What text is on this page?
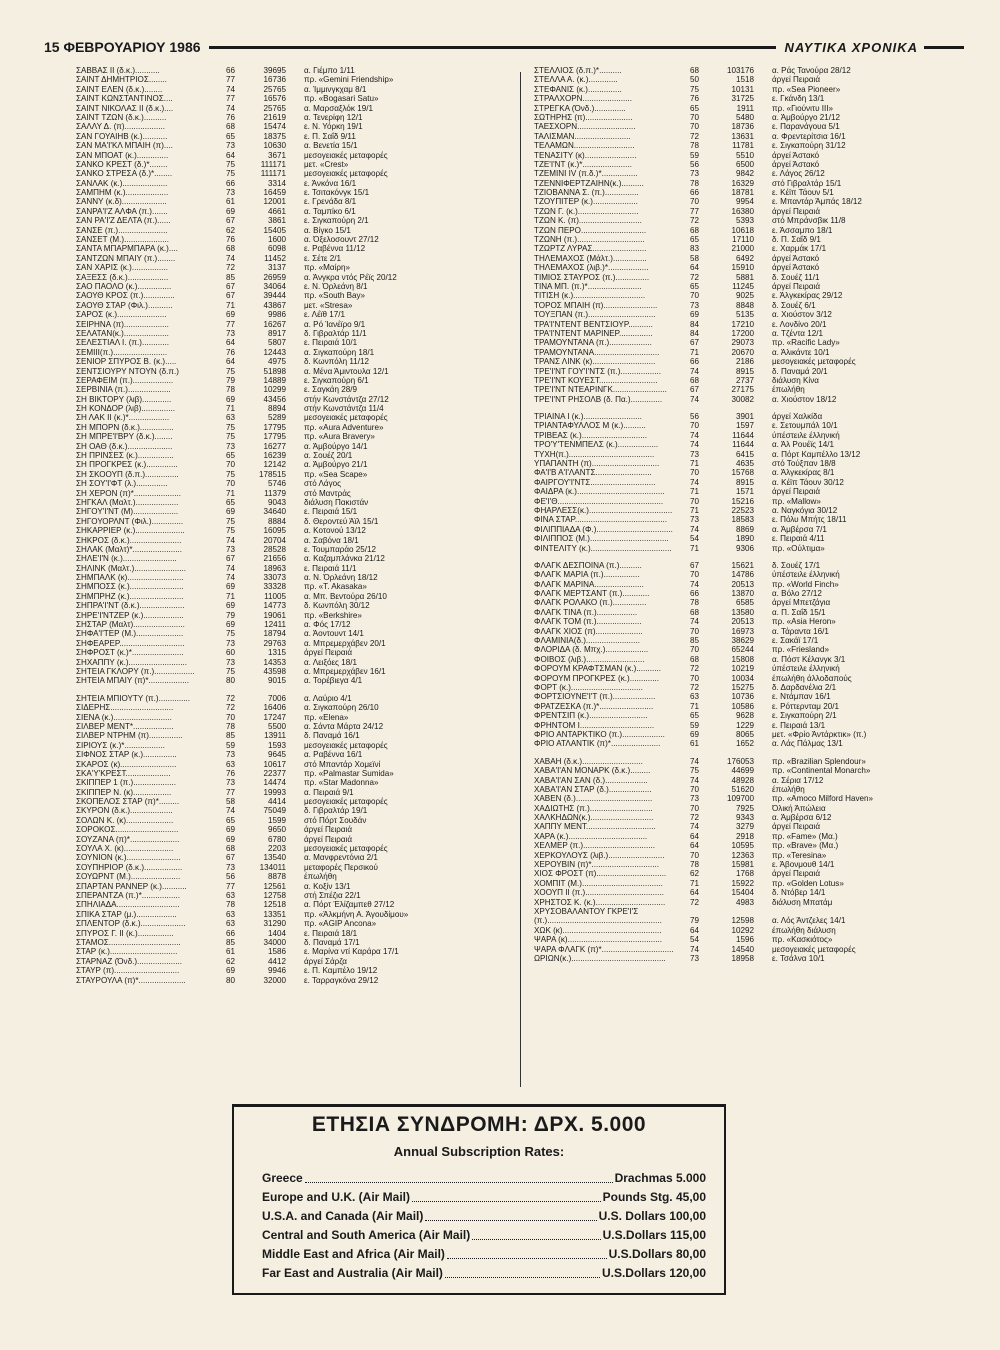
15 ΦΕΒΡΟΥΑΡΙΟΥ 1986	ΝΑΥΤΙΚΑ ΧΡΟΝΙΚΑ
ΣΑΒΒΑΣ ΙΙ (δ.κ.)...........	66	39695 α. Γιέμπο 1/11
ΣΑΙΝΤ ΔΗΜΗΤΡΙΟΣ........	77	16736 πρ. «Gemini Friendship»
ΣΑΙΝΤ ΕΛΕΝ (δ.κ.)........	74	25765 α. Ίμμινγκχαμ 8/1
ΣΑΙΝΤ ΚΩΝΣΤΑΝΤΙΝΟΣ....	77	16576 πρ. «Bogasari Satu»
ΣΑΙΝΤ ΝΙΚΟΛΑΣ ΙΙ (δ.κ.)....	74	25765 α. Μαρσαξλόκ 19/1
ΣΑΙΝΤ ΤΖΩΝ (δ.κ.)..........	76	21619 α. Τενερίφη 12/1
ΣΑΛΛΥ Δ. (π)..................	68	15474 ε. Ν. Υόρκη 19/1
ΣΑΝ ΓΟΥΑΙΗΒ (κ.)...........	65	18375 ε. Π. Σαΐδ 9/11
ΣΑΝ ΜΑ'Ι'ΚΛ ΜΠΑΙΗ (π)....	73	10630 α. Βενετία 15/1
ΣΑΝ ΜΠΟΑΤ (κ.)..............	64	3671 μεσογειακές μεταφορές
ΣΑΝΚΟ ΚΡΕΣΤ (δ.)*........	75	111171 μετ. «Crest»
ΣΑΝΚΟ ΣΤΡΕΣΑ (δ.)*........	75	111171 μεσογειακές μεταφορές
ΣΑΝΛΑΚ (κ.)....................	66	3314 ε. Άνκόνα 16/1
ΣΑΜΠΗΜ (κ.)...................	73	16459 ε. Τσιτακόνγκ 15/1
ΣΑΝΝΥ (κ.δ)....................	61	12001 ε. Γρενάδα 8/1
ΣΑΝΡΑ'Ι'Ζ ΑΛΦΑ (π.).......	69	4661 α. Ταμπίκο 6/1
ΣΑΝ ΡΑ'Ι'Ζ ΔΕΛΤΑ (π.)......	67	3861 ε. Σιγκαπούρη 2/1
ΣΑΝΣΕ (π.)......................	62	15405 α. Βίγκο 15/1
ΣΑΝΣΕΤ (Μ.)....................	76	1600 α. Όξελοσουντ 27/12
ΣΑΝΤΑ ΜΠΑΡΜΠΑΡΑ (κ.)....	68	6098 ε. Ραβέννα 11/12
ΣΑΝΤΖΩΝ ΜΠΑΙΥ (π.)........	74	11452 ε. Σέτε 2/1
ΣΑΝ ΧΑΡΙΣ (κ.)................	72	3137 πρ. «Μαίρη»
ΣΑΞΕΣΣ (δ.κ.)..................	85	26959 α. Άνγκρα ντός Ρέϊς 20/12
ΣΑΟ ΠΑΟΛΟ (κ.)...............	67	34064 ε. Ν. Όρλεάνη 8/1
ΣΑΟΥΘ ΚΡΟΣ (π.)..............	67	39444 πρ. «South Bay»
ΣΑΟΥΘ ΣΤΑΡ (Φιλ.)...........	71	43867 μετ. «Stresa»
ΣΑΡΟΣ (κ.)......................	69	9986 ε. Λέϊθ 17/1
ΣΕΙΡΗΝΑ (π)....................	77	16267 α. Ρό Ίανέϊρο 9/1
ΣΕΛΑΤΑΝ(κ.)....................	73	8917 δ. Γιβραλτάρ 11/1
ΣΕΛΕΣΤΙΑΛ Ι. (π.)............	64	5807 ε. Πειραιά 10/1
ΣΕΜΙΙΙ(π.)........................	76	12443 α. Σιγκαπούρη 18/1
ΣΕΝΙΟΡ ΣΠΥΡΟΣ Β. (κ.).....	64	4975 δ. Κωνπόλη 11/12
ΣΕΝΤΣΙΟΥΡΥ ΝΤΟΥΝ (δ.π.)	75	51898 α. Μένα Άμιντουλα 12/1
ΣΕΡΑΦΕΙΜ (π.)..................	79	14889 ε. Σιγκαπούρη 6/1
ΣΕΡΒΙΝΙΑ (π.)...................	78	10299 ε. Σαγκάη 28/9
ΣΗ ΒΙΚΤΟΡΥ (λιβ).............	69	43456 στήν Κωνστάντζα 27/12
ΣΗ ΚΟΝΔΟΡ (λιβ)...............	71	8894 στήν Κωνστάντζα 11/4
ΣΗ ΛΑΚ ΙΙ (κ.)*..................	63	5289 μεσογειακές μεταφορές
ΣΗ ΜΠΟΡΝ (δ.κ.)...............	75	17795 πρ. «Aura Adventure»
ΣΗ ΜΠΡΕ'Ι'ΒΡΥ (δ.κ.)........	75	17795 πρ. «Aura Bravery»
ΣΗ ΟΑΘ (δ.κ.)....................	73	16277 α. Άμβούργο 14/1
ΣΗ ΠΡΙΝΣΕΣ (κ.)................	65	16239 α. Σουέζ 20/1
ΣΗ ΠΡΟΓΚΡΕΣ (κ.)..............	70	12142 α. Άμβούργο 21/1
ΣΗ ΣΚΟΟΥΠ (δ.π.)...............	75	178515 πρ. «Sea Scape»
ΣΗ ΣΟΥ'Ι'ΦΤ (λ.)..............	70	5746 στό Λάγος
ΣΗ ΧΕΡΟΝ (π)*.....................	71	11379 στό Μαντράς
ΣΗΓΚΑΛ (Μαλτ.)...................	65	9043 διάλυση Πακιστάν
ΣΗΓΟΥ'Ι'ΝΤ (Μ)....................	69	34640 ε. Πειραιά 15/1
ΣΗΓΟΥΟΡΛΝΤ (Φιλ.)..............	75	8884 δ. Θεροντεύ Άϊλ 15/1
ΣΗΚΑΡΡΙΕΡ (κ.)......................	75	16095 α. Κοτονού 13/12
ΣΗΚΡΟΣ (δ.κ.).......................	74	20704 α. Σαβόνα 18/1
ΣΗΛΑΚ (Μαλτ)*......................	73	28528 ε. Τουμπαράο 25/12
ΣΗΛΕ'Ι'Ν (κ.)........................	67	21656 α. Καζαμπλάνκα 21/12
ΣΗΛΙΝΚ (Μαλτ.).......................	74	18963 ε. Πειραιά 11/1
ΣΗΜΠΑΛΚ (κ).........................	74	33073 α. Ν. Όρλεάνη 18/12
ΣΗΜΠΟΣΣ (κ.)........................	69	33328 πρ. «T. Akasaka»
ΣΗΜΠΡΗΖ (κ.)........................	71	11005 α. Μπ. Βεντούρα 26/10
ΣΗΠΡΑ'Ι'ΝΤ (δ.κ.)....................	69	14773 δ. Κωνπόλη 30/12
ΣΗΡΕ'Ι'ΝΤΖΕΡ (κ.)..................	79	19061 πρ. «Berkshire»
ΣΗΣΤΑΡ (Μαλτ).......................	69	12411 α. Φός 17/12
ΣΗΦΑ'Ι'ΤΕΡ (Μ.).....................	75	18794 α. Άοντουντ 14/1
ΣΗΦΕΑΡΕΡ.............................	73	29763 α. Μπρεμερχάβεν 20/1
ΣΗΦΡΟΣΤ (κ.)*.......................	60	1315 άργεί Πειραιά
ΣΗΧΑΠΠΥ (κ.)..........................	73	14353 α. Λειξόες 18/1
ΣΗΤΕΙΑ ΓΚΛΟΡΥ (π.)..................	75	43598 α. Μπρεμερχάβεν 16/1
ΣΗΤΕΙΑ ΜΠΑΙΥ (π)*..................	80	9015 α. Τορέβιεγα 4/1
ΣΗΤΕΙΑ ΜΠΙΟΥΤΥ (π.)..............	72	7006 α. Λαύριο 4/1
ΣΙΔΕΡΗΣ............................	72	16406 α. Σιγκαπούρη 26/10
ΣΙΕΝΑ (κ.)..........................	70	17247 πρ. «Elena»
ΣΙΛΒΕΡ ΜΕΝΤ*..................	78	5500 α. Σάντα Μάρτα 24/12
ΣΙΛΒΕΡ ΝΤΡΗΜ (π)...............	85	13911 δ. Παναμά 16/1
ΣΙΡΙΟΥΣ (κ.)*..................	59	1593 μεσογειακές μεταφορές
ΣΙΦΝΟΣ ΣΤΑΡ (κ.)...............	73	9645 α. Ραβέννα 16/1
ΣΚΑΡΟΣ (κ).........................	63	10617 στό Μπαντάρ Χομεϊνί
ΣΚΑ'Υ'ΚΡΕΣΤ....................	76	22377 πρ. «Palmastar Sumida»
ΣΚΙΠΠΕΡ 1 (π.)...................	73	14474 πρ. «Star Madonna»
ΣΚΙΠΠΕΡ Ν. (κ).................	77	19993 α. Πειραιά 9/1
ΣΚΟΠΕΛΟΣ ΣΤΑΡ (π)*.........	58	4414 μεσογειακές μεταφορές
ΣΚΥΡΟΝ (δ.κ.)...................	74	75049 δ. Γιβραλτάρ 19/1
ΣΟΛΩΝ Κ. (κ).....................	65	1599 στό Πόρτ Σουδάν
ΣΟΡΟΚΟΣ............................	69	9650 άργεί Πειραιά
ΣΟΥΖΑΝΑ (π)*......................	69	6780 άργεί Πειραιά
ΣΟΥΛΑ Χ. (κ)......................	68	2203 μεσογειακές μεταφορές
ΣΟΥΝΙΟΝ (κ.)........................	67	13540 α. Μανφρεντόνια 2/1
ΣΟΥΠΗΡΙΟΡ (δ.κ.).................	73	134011 μεταφορές Περσικού
ΣΟΥΩΡΝΤ (Μ.)......................	56	8878 έπωλήθη
ΣΠΑΡΤΑΝ ΡΑΝΝΕΡ (κ.)...........	77	12561 α. Κοξίν 13/1
ΣΠΕΡΑΝΤΖΑ (π.)*.................	63	12758 στή Σπέζια 22/1
ΣΠΗΛΙΑΔΑ............................	78	12518 α. Πόρτ Έλίζαμπεθ 27/12
ΣΠΙΚΑ ΣΤΑΡ (μ.)..................	63	13351 πρ. «Άλκμήνη Α. Άγουδίμου»
ΣΠΛΕΝΤΟΡ (δ.κ.)....................	63	31290 πρ. «AGIP Ancona»
ΣΠΥΡΟΣ Γ. ΙΙ (κ.)................	66	1404 ε. Πειραιά 18/1
ΣΤΑΜΟΣ................................	85	34000 δ. Παναμά 17/1
ΣΤΑΡ (κ.)..............................	61	1586 ε. Μαρίνα ντί Καράρα 17/1
ΣΤΑΡΝΑΖ (Όνδ.)....................	62	4412 άργεί Σάρζα
ΣΤΑΥΡ (π).............................	69	9946 ε. Π. Καμπέλο 19/12
ΣΤΑΥΡΟΥΛΑ (π)*.....................	80	32000 ε. Ταρραγκόνα 29/12
ΣΤΕΛΛΙΟΣ (δ.π.)*..........	68	103176 α. Ράς Τανούρα 28/12
ΣΤΕΛΛΑ Α. (κ.).............	50	1518 άργεί Πειραιά
ΣΤΕΦΑΝΙΣ (κ.)...............	75	10131 πρ. «Sea Pioneer»
ΣΤΡΑΛΧΟΡΝ......................	76	31725 ε. Γκάνδη 13/1
ΣΤΡΕΓΚΑ (Όνδ.)..............	65	1911 πρ. «Γιούνιτυ ΙΙΙ»
ΣΩΤΗΡΗΣ (π).....................	70	5480 α. Άμβούργο 21/12
ΤΑΕΣΧΟΡΝ..........................	70	18736 ε. Παρανάγουα 5/1
ΤΑΛΙΣΜΑΝ.........................	72	13631 α. Φρεντερίτσια 16/1
ΤΕΛΑΜΩΝ...........................	78	11781 ε. Σιγκαπούρη 31/12
ΤΕΝΑΣΙΤΥ (κ).......................	59	5510 άργεί Άστακό
ΤΖΕ'Ι'ΝΤ (κ.)*......................	56	6500 άργεί Άστακό
ΤΖΕΜΙΝΙ ΙV (π.δ.)*................	73	9842 ε. Λάγος 26/12
ΤΖΕΝΝΙΦΕΡΤΖΑΙΗΝ(κ.)..........	78	16329 στό Γιβραλτάρ 15/1
ΤΖΙΟΒΑΝΝΑ Σ. (π.)...............	66	18781 ε. Κέϊπ Τάουν 5/1
ΤΖΟΥΠΙΤΕΡ (κ.)....................	70	9954 ε. Μπαντάρ Άμπάς 18/12
ΤΖΩΝ Γ. (κ.)...........................	77	16380 άργεί Πειραιά
ΤΖΩΝ Κ. (π)............................	72	5393 στό Μπράνσβικ 11/8
ΤΖΩΝ ΠΕΡΟ.............................	68	10618 ε. Άσσαμπο 18/1
ΤΖΩΝΗ (π.)..............................	65	17110 δ. Π. Σαΐδ 9/1
ΤΖΩΡΤΖ ΛΥΡΑΣ........................	83	21000 ε. Χαρμάκ 17/1
ΤΗΛΕΜΑΧΟΣ (Μάλτ.)...............	58	6492 άργεί Άστακό
ΤΗΛΕΜΑΧΟΣ (λιβ.)*..................	64	15910 άργεί Άστακό
ΤΙΜΙΟΣ ΣΤΑΥΡΟΣ (π.)...............	72	5881 δ. Σουέζ 11/1
ΤΙΝΑ ΜΠ. (π.)*........................	65	11245 άργεί Πειραιά
ΤΙΤΙΣΗ (κ.)................................	70	9025 ε. Άλγκεκίρας 29/12
ΤΟΡΟΣ ΜΠΑΙΗ (π)........................	73	8848 δ. Σουέζ 6/1
ΤΟΥΞΠΑΝ (π.)..............................	69	5135 α. Χιούστον 3/12
ΤΡΑ'Ι'ΝΤΕΝΤ ΒΕΝΤΣΙΟΥΡ...........	84	17210 ε. Λονδίνο 20/1
ΤΡΑ'Ι'ΝΤΕΝΤ ΜΑΡΙΝΕΡ...............	84	17200 α. Τζέντα 12/1
ΤΡΑΜΟΥΝΤΑΝΑ (π.)...................	67	29073 πρ. «Racific Lady»
ΤΡΑΜΟΥΝΤΑΝΑ.............................	71	20670 α. Άλικάντε 10/1
ΤΡΑΝΣ ΛΙΝΚ (κ)............................	66	2186 μεσογειακές μεταφορές
ΤΡΕ'Ι'ΝΤ ΓΟΥ'Ι'ΝΤΣ (π.)..................	74	8915 δ. Παναμά 20/1
ΤΡΕ'Ι'ΝΤ ΚΟΥΕΣΤ..........................	68	2737 διάλυση Κίνα
ΤΡΕ'Ι'ΝΤ ΝΤΕΑΡΙΝΓΚ........................	67	27175 έπωλήθη
ΤΡΕ'Ι'ΝΤ ΡΗΣΟΛΒ (δ. Πα.)..............	74	30082 α. Χιούστον 18/12
ΤΡΙΑΙΝΑ Ι (κ.)..........................	56	3901 άργεί Χαλκίδα
ΤΡΙΑΝΤΑΦΥΛΛΟΣ Μ (κ.)..........	70	1597 ε. Σετουμπάλ 10/1
ΤΡΙΒΕΑΣ (κ.).............................	74	11644 ύπέστειλε έλληνική
ΤΡΟ'Υ'ΤΕΝΜΠΕΛΣ (κ.)..................	74	11644 α. Άλ Ρουέϊς 14/1
ΤΥΧΗ(π.)......................................	73	6415 α. Πόρτ Καμπέλλο 13/12
ΥΠΑΠΑΝΤΗ (π)..............................	71	4635 στό Τούξπαν 18/8
ΦΑ'Ι'Β Α'Ι'ΛΑΝΤΣ.........................	70	15768 α. Άλγκεκίρας 8/1
ΦΑΙΡΓΟΥ'Ι'ΝΤΣ.............................	74	8915 α. Κέϊπ Τάουν 30/12
ΦΑΙΔΡΑ (κ.).......................................	71	1571 άργεί Πειραιά
ΦΕ'Ι'Θ...............................................	70	15216 πρ. «Mallow»
ΦΗΑΡΛΕΣΣ(κ.).....................................	71	22523 α. Ναγκόγια 30/12
ΦΙΝΑ ΣΤΑΡ.........................................	73	18583 ε. Πόλυ Μπήτς 18/11
ΦΙΛΙΠΠΙΑΔΑ (Φ.)..................................	74	8869 α. Άμβέρσα 7/1
ΦΙΛΙΠΠΟΣ (Μ.)...................................	54	1890 ε. Πειραιά 4/11
ΦΙΝΤΕΛΙΤΥ (κ.)....................................	71	9306 πρ. «Ούλτιμα»
ΦΛΑΓΚ ΔΕΣΠΟΙΝΑ (π.)..........	67	15621 δ. Σουέζ 17/1
ΦΛΑΓΚ ΜΑΡΙΑ (π.)................	70	14786 ύπέστειλε έλληνική
ΦΛΑΓΚ ΜΑΡΙΝΑ......................	74	20513 πρ. «World Finch»
ΦΛΑΓΚ ΜΕΡΤΣΑΝΤ (π.)............	66	13870 α. Βόλο 27/12
ΦΛΑΓΚ ΡΟΛΑΚΟ (π.)...............	78	6585 άργεί Μπετζάγια
ΦΛΑΓΚ ΤΙΝΑ (π.)..................	68	13580 α. Π. Σαΐδ 15/1
ΦΛΑΓΚ ΤΟΜ (π.)....................	74	20513 πρ. «Asia Heron»
ΦΛΑΓΚ ΧΙΟΣ (π).....................	70	16973 α. Τάραντα 16/1
ΦΛΑΜΙΝΙΑ(δ.)........................	85	38629 ε. Σακάϊ 17/1
ΦΛΟΡΙΔΑ (δ. Μπχ.)...................	70	65244 πρ. «Friesland»
ΦΟΙΒΟΣ (λιβ.)..........................	68	15808 α. Πόστ Κέλανγκ 3/1
ΦΟΡΟΥΜ ΚΡΑΦΤΣΜΑΝ (κ.)...........	72	10219 ύπέστειλε έλληνική
ΦΟΡΟΥΜ ΠΡΟΓΚΡΕΣ (κ.).............	70	10034 έπωλήθη άλλοδαπούς
ΦΟΡΤ (κ.)................................	72	15275 δ. Δαρδανέλια 2/1
ΦΟΡΤΣΙΟΥΝΕ'Ι'Τ (π.)...................	63	10736 ε. Ντάμπαν 16/1
ΦΡΑΤΖΕΣΚΑ (π.)*........................	71	10586 ε. Ρόττερνταμ 20/1
ΦΡΕΝΤΣΙΠ (κ.)..........................	65	9628 ε. Σιγκαπούρη 2/1
ΦΡΗΝΤΟΜ Ι.................................	59	1229 ε. Πειραιά 13/1
ΦΡΙΟ ΑΝΤΑΡΚΤΙΚΟ (π.)...................	69	8065 μετ. «Φρίο Άντάρκτικ» (π.)
ΦΡΙΟ ΑΤΛΑΝΤΙΚ (π)*......................	61	1652 α. Λάς Πάλμας 13/1
ΧΑΒΑΗ (δ.κ.)...........................	74	176053 πρ. «Brazilian Splendour»
ΧΑΒΑ'Ι'ΑΝ ΜΟΝΑΡΚ (δ.κ.).........	75	44699 πρ. «Continental Monarch»
ΧΑΒΑ'Ι'ΑΝ ΣΑΝ (δ.)...................	74	48928 α. Σέρια 17/12
ΧΑΒΑ'Ι'ΑΝ ΣΤΑΡ (δ.)...................	70	51620 έπωλήθη
ΧΑΒΕΝ (δ.)..................................	73	109700 πρ. «Amoco Milford Haven»
ΧΑΔΙΩΤΗΣ (π.)............................	70	7925 Όλική Άπώλεια
ΧΑΛΚΗΔΩΝ(κ.)............................	72	9343 α. Άμβέρσα 6/12
ΧΑΠΠΥ ΜΕΝΤ...............................	74	3279 άργεί Πειραιά
ΧΑΡΑ (κ.)...................................	64	2918 πρ. «Fame» (Μα.)
ΧΕΛΜΕΡ (π.)................................	64	10595 πρ. «Brave» (Μα.)
ΧΕΡΚΟΥΛΟΥΣ (λιβ.).........................	70	12363 πρ. «Teresina»
ΧΕΡΟΥΒΙΝ (π)*..............................	78	15981 ε. Άβονμουθ 14/1
ΧΙΟΣ ΦΡΟΣΤ (π)...............................	62	1768 άργεί Πειραιά
ΧΟΜΠΙΤ (Μ.)....................................	71	15922 πρ. «Golden Lotus»
ΧΟΟΥΠ ΙΙ (π.)...................................	64	15404 δ. Ντόβερ 14/1
ΧΡΗΣΤΟΣ Κ. (κ.)...............................	72	4983 διάλυση Μπατάμ
ΧΡΥΣΟΒΑΛΑΝΤΟΥ ΓΚΡΕ'Ι'Σ
(π.)...................................................	79	12598 α. Λός Άντζελες 14/1
ΧΩΚ (κ)............................................	64	10292 έπωλήθη διάλυση
ΨΑΡΑ (κ)..........................................	54	1596 πρ. «Κασκιότος»
ΨΑΡΑ ΦΛΑΓΚ (π)*................................	74	14540 μεσογειακές μεταφορές
ΩΡΙΩΝ(κ.)..........................................	73	18958 ε. Τσάλνα 10/1
ΕΤΗΣΙΑ ΣΥΝΔΡΟΜΗ: ΔΡΧ. 5.000
Annual Subscription Rates:
Greece	Drachmas 5.000
Europe and U.K. (Air Mail)	Pounds Stg. 45,00
U.S.A. and Canada (Air Mail)	U.S. Dollars 100,00
Central and South America (Air Mail)	U.S.Dollars 115,00
Middle East and Africa (Air Mail)	U.S.Dollars 80,00
Far East and Australia (Air Mail)	U.S.Dollars 120,00
